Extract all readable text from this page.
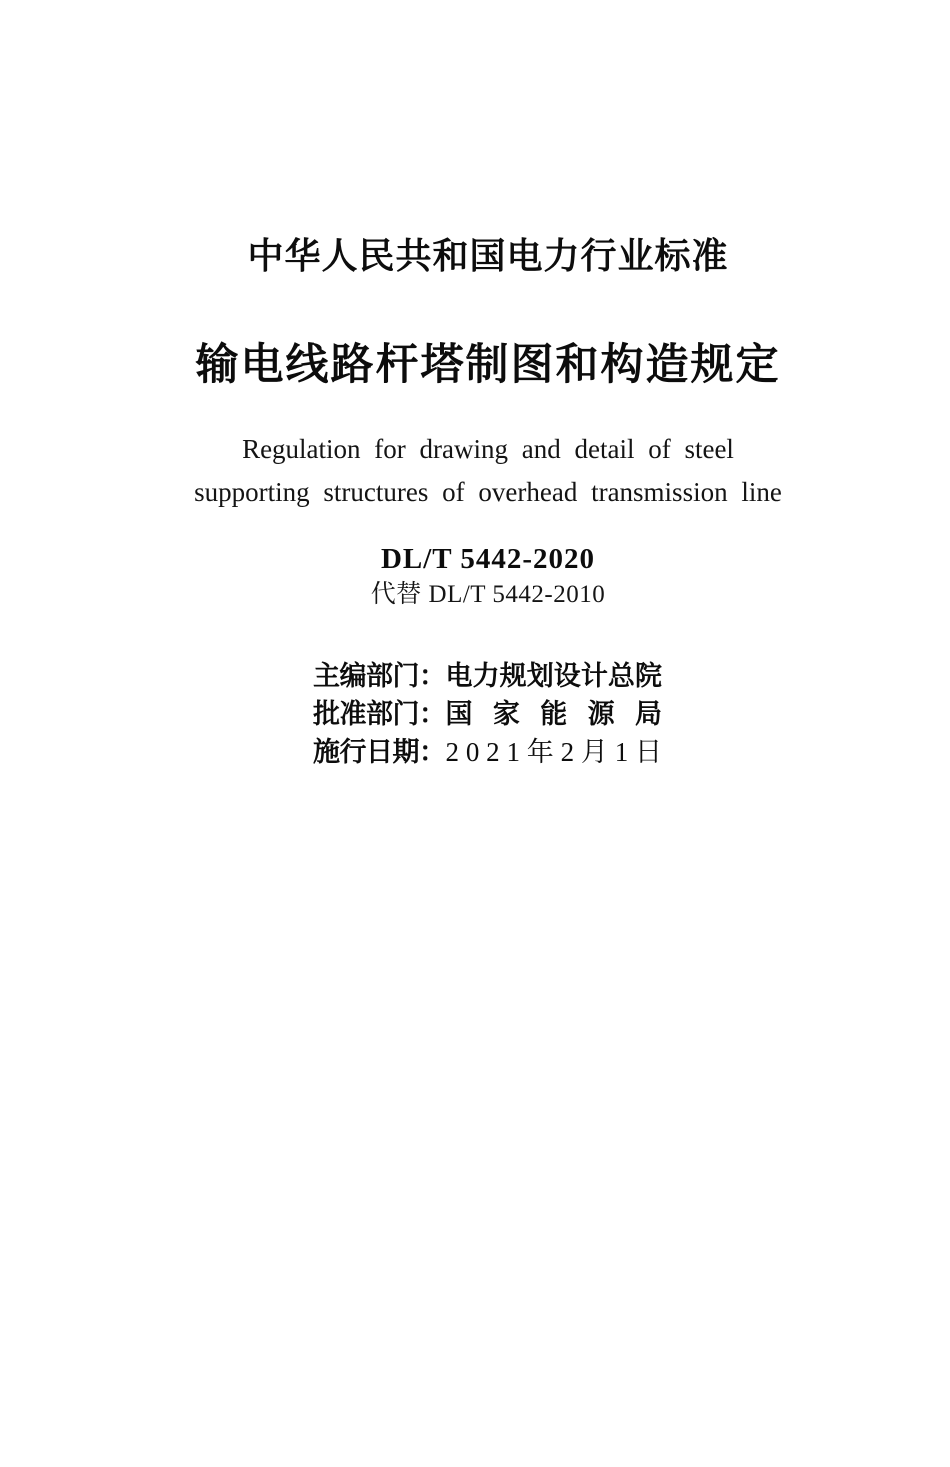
中华人民共和国电力行业标准
输电线路杆塔制图和构造规定
Regulation for drawing and detail of steel
supporting structures of overhead transmission line
DL/T 5442-2020
代替 DL/T 5442-2010
主编部门： 电 力 规 划 设 计 总 院
批准部门： 国 家 能 源 局
施行日期： 2 0 2 1 年 2 月 1 日
